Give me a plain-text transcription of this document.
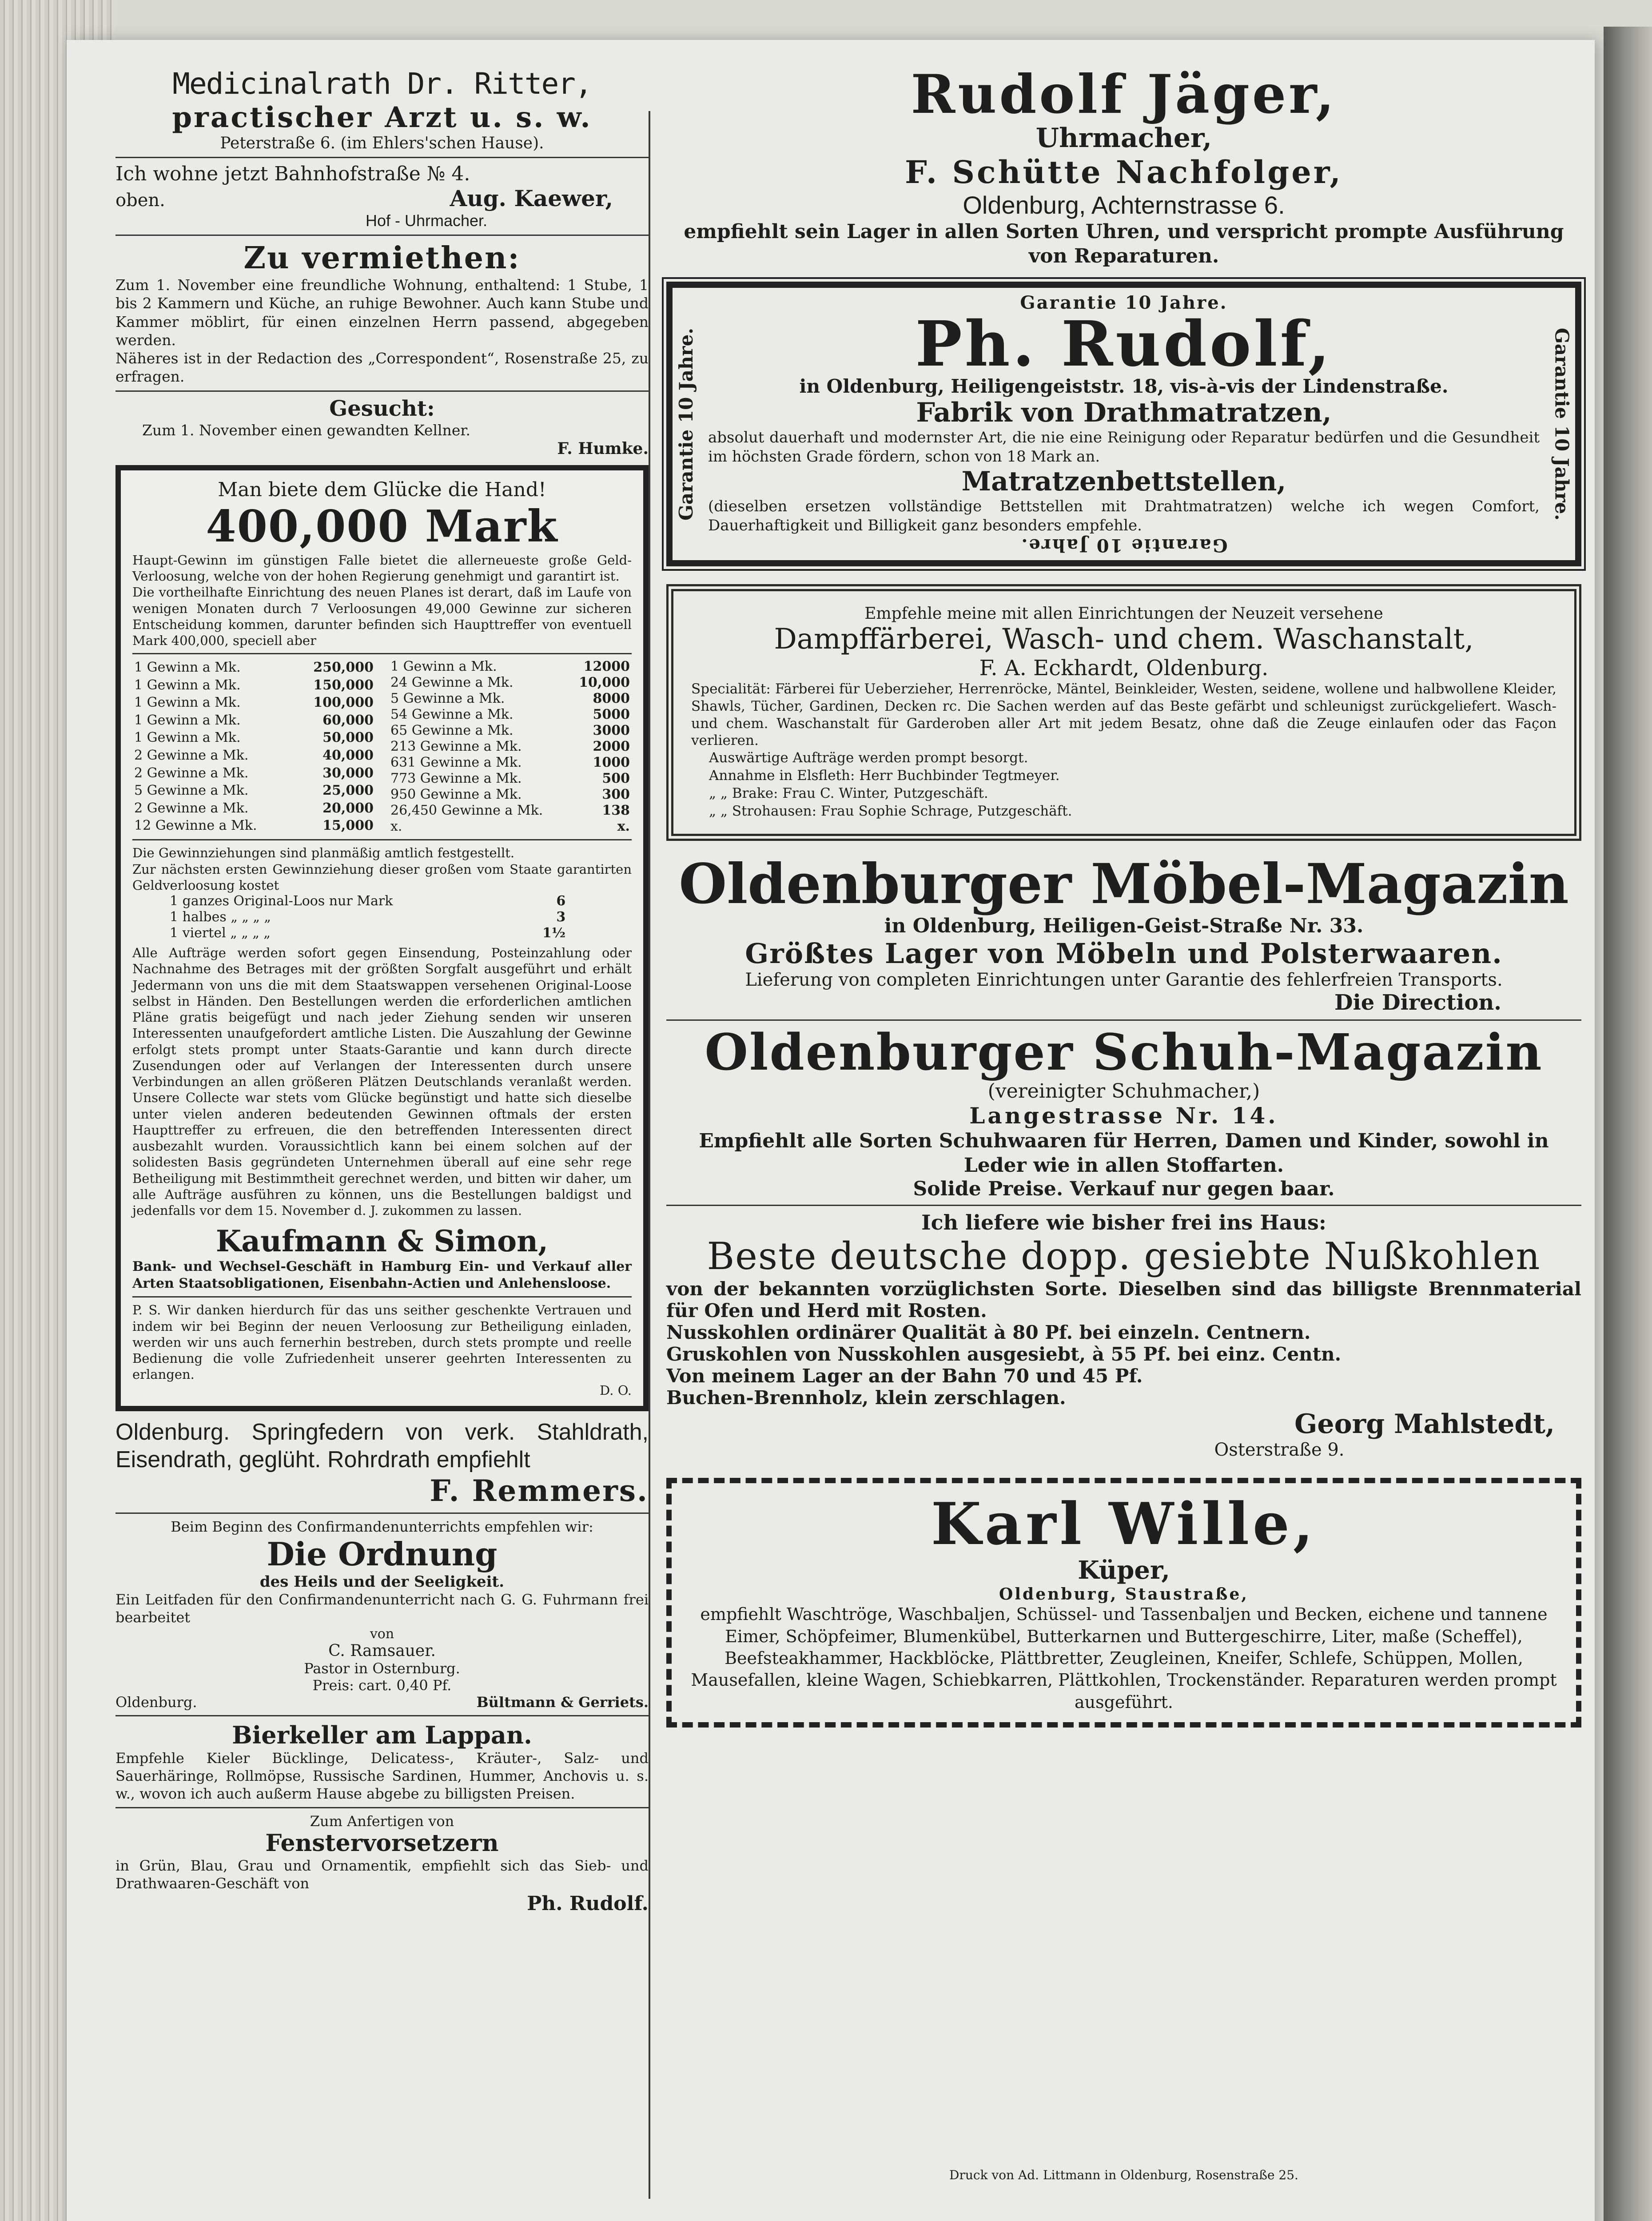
Medicinalrath Dr. Ritter,
practischer Arzt u. s. w.
Peterstraße 6. (im Ehlers'schen Hause).
Ich wohne jetzt Bahnhofstraße № 4.
oben.	Aug. Kaewer,
Hof - Uhrmacher.
Zu vermiethen:
Zum 1. November eine freundliche Wohnung, enthaltend: 1 Stube, 1 bis 2 Kammern und Küche, an ruhige Bewohner. Auch kann Stube und Kammer möblirt, für einen einzelnen Herrn passend, abgegeben werden.
Näheres ist in der Redaction des „Correspondent“, Rosenstraße 25, zu erfragen.
Gesucht:
Zum 1. November einen gewandten Kellner.
F. Humke.
Man biete dem Glücke die Hand!
400,000 Mark
Haupt-Gewinn im günstigen Falle bietet die allerneueste große Geld-Verloosung, welche von der hohen Regierung genehmigt und garantirt ist.
Die vortheilhafte Einrichtung des neuen Planes ist derart, daß im Laufe von wenigen Monaten durch 7 Verloosungen 49,000 Gewinne zur sicheren Entscheidung kommen, darunter befinden sich Haupttreffer von eventuell Mark 400,000, speciell aber
1 Gewinn a Mk.	250,000
1 Gewinn a Mk.	150,000
1 Gewinn a Mk.	100,000
1 Gewinn a Mk.	60,000
1 Gewinn a Mk.	50,000
2 Gewinne a Mk.	40,000
2 Gewinne a Mk.	30,000
5 Gewinne a Mk.	25,000
2 Gewinne a Mk.	20,000
12 Gewinne a Mk.	15,000
1 Gewinn a Mk.	12000
24 Gewinne a Mk.	10,000
5 Gewinne a Mk.	8000
54 Gewinne a Mk.	5000
65 Gewinne a Mk.	3000
213 Gewinne a Mk.	2000
631 Gewinne a Mk.	1000
773 Gewinne a Mk.	500
950 Gewinne a Mk.	300
26,450 Gewinne a Mk.	138
x.	x.
Die Gewinnziehungen sind planmäßig amtlich festgestellt.
Zur nächsten ersten Gewinnziehung dieser großen vom Staate garantirten Geldverloosung kostet
1 ganzes Original-Loos nur Mark	6
1 halbes „ „ „ „	3
1 viertel „ „ „ „	1½
Alle Aufträge werden sofort gegen Einsendung, Posteinzahlung oder Nachnahme des Betrages mit der größten Sorgfalt ausgeführt und erhält Jedermann von uns die mit dem Staatswappen versehenen Original-Loose selbst in Händen. Den Bestellungen werden die erforderlichen amtlichen Pläne gratis beigefügt und nach jeder Ziehung senden wir unseren Interessenten unaufgefordert amtliche Listen. Die Auszahlung der Gewinne erfolgt stets prompt unter Staats-Garantie und kann durch directe Zusendungen oder auf Verlangen der Interessenten durch unsere Verbindungen an allen größeren Plätzen Deutschlands veranlaßt werden. Unsere Collecte war stets vom Glücke begünstigt und hatte sich dieselbe unter vielen anderen bedeutenden Gewinnen oftmals der ersten Haupttreffer zu erfreuen, die den betreffenden Interessenten direct ausbezahlt wurden. Voraussichtlich kann bei einem solchen auf der solidesten Basis gegründeten Unternehmen überall auf eine sehr rege Betheiligung mit Bestimmtheit gerechnet werden, und bitten wir daher, um alle Aufträge ausführen zu können, uns die Bestellungen baldigst und jedenfalls vor dem 15. November d. J. zukommen zu lassen.
Kaufmann & Simon,
Bank- und Wechsel-Geschäft in Hamburg Ein- und Verkauf aller Arten Staatsobligationen, Eisenbahn-Actien und Anlehensloose.
P. S. Wir danken hierdurch für das uns seither geschenkte Vertrauen und indem wir bei Beginn der neuen Verloosung zur Betheiligung einladen, werden wir uns auch fernerhin bestreben, durch stets prompte und reelle Bedienung die volle Zufriedenheit unserer geehrten Interessenten zu erlangen.
D. O.
Oldenburg. Springfedern von verk. Stahldrath, Eisendrath, geglüht. Rohrdrath empfiehlt
F. Remmers.
Beim Beginn des Confirmandenunterrichts empfehlen wir:
Die Ordnung
des Heils und der Seeligkeit.
Ein Leitfaden für den Confirmandenunterricht nach G. G. Fuhrmann frei bearbeitet
von
C. Ramsauer.
Pastor in Osternburg.
Preis: cart. 0,40 Pf.
Oldenburg.	Bültmann & Gerriets.
Bierkeller am Lappan.
Empfehle Kieler Bücklinge, Delicatess-, Kräuter-, Salz- und Sauerhäringe, Rollmöpse, Russische Sardinen, Hummer, Anchovis u. s. w., wovon ich auch außerm Hause abgebe zu billigsten Preisen.
Zum Anfertigen von
Fenstervorsetzern
in Grün, Blau, Grau und Ornamentik, empfiehlt sich das Sieb- und Drathwaaren-Geschäft von
Ph. Rudolf.
Rudolf Jäger,
Uhrmacher,
F. Schütte Nachfolger,
Oldenburg, Achternstrasse 6.
empfiehlt sein Lager in allen Sorten Uhren, und verspricht prompte Ausführung von Reparaturen.
Garantie 10 Jahre.	Garantie 10 Jahre.
Garantie 10 Jahre.
Ph. Rudolf,
in Oldenburg, Heiligengeiststr. 18, vis-à-vis der Lindenstraße.
Fabrik von Drathmatratzen,
absolut dauerhaft und modernster Art, die nie eine Reinigung oder Reparatur bedürfen und die Gesundheit im höchsten Grade fördern, schon von 18 Mark an.
Matratzenbettstellen,
(dieselben ersetzen vollständige Bettstellen mit Drahtmatratzen) welche ich wegen Comfort, Dauerhaftigkeit und Billigkeit ganz besonders empfehle.
Garantie 10 Jahre.
Empfehle meine mit allen Einrichtungen der Neuzeit versehene
Dampffärberei, Wasch- und chem. Waschanstalt,
F. A. Eckhardt, Oldenburg.
Specialität: Färberei für Ueberzieher, Herrenröcke, Mäntel, Beinkleider, Westen, seidene, wollene und halbwollene Kleider, Shawls, Tücher, Gardinen, Decken rc. Die Sachen werden auf das Beste gefärbt und schleunigst zurückgeliefert. Wasch- und chem. Waschanstalt für Garderoben aller Art mit jedem Besatz, ohne daß die Zeuge einlaufen oder das Façon verlieren.
Auswärtige Aufträge werden prompt besorgt.
Annahme in Elsfleth: Herr Buchbinder Tegtmeyer.
„ „ Brake: Frau C. Winter, Putzgeschäft.
„ „ Strohausen: Frau Sophie Schrage, Putzgeschäft.
Oldenburger Möbel-Magazin
in Oldenburg, Heiligen-Geist-Straße Nr. 33.
Größtes Lager von Möbeln und Polsterwaaren.
Lieferung von completen Einrichtungen unter Garantie des fehlerfreien Transports.
Die Direction.
Oldenburger Schuh-Magazin
(vereinigter Schuhmacher,)
Langestrasse Nr. 14.
Empfiehlt alle Sorten Schuhwaaren für Herren, Damen und Kinder, sowohl in Leder wie in allen Stoffarten.
Solide Preise. Verkauf nur gegen baar.
Ich liefere wie bisher frei ins Haus:
Beste deutsche dopp. gesiebte Nußkohlen
von der bekannten vorzüglichsten Sorte. Dieselben sind das billigste Brennmaterial für Ofen und Herd mit Rosten.
Nusskohlen ordinärer Qualität à 80 Pf. bei einzeln. Centnern.
Gruskohlen von Nusskohlen ausgesiebt, à 55 Pf. bei einz. Centn.
Von meinem Lager an der Bahn 70 und 45 Pf.
Buchen-Brennholz, klein zerschlagen.
Georg Mahlstedt,
Osterstraße 9.
Karl Wille,
Küper,
Oldenburg, Staustraße,
empfiehlt Waschtröge, Waschbaljen, Schüssel- und Tassenbaljen und Becken, eichene und tannene Eimer, Schöpfeimer, Blumenkübel, Butterkarnen und Buttergeschirre, Liter, maße (Scheffel), Beefsteakhammer, Hackblöcke, Plättbretter, Zeugleinen, Kneifer, Schlefe, Schüppen, Mollen, Mausefallen, kleine Wagen, Schiebkarren, Plättkohlen, Trockenständer. Reparaturen werden prompt ausgeführt.
Druck von Ad. Littmann in Oldenburg, Rosenstraße 25.
